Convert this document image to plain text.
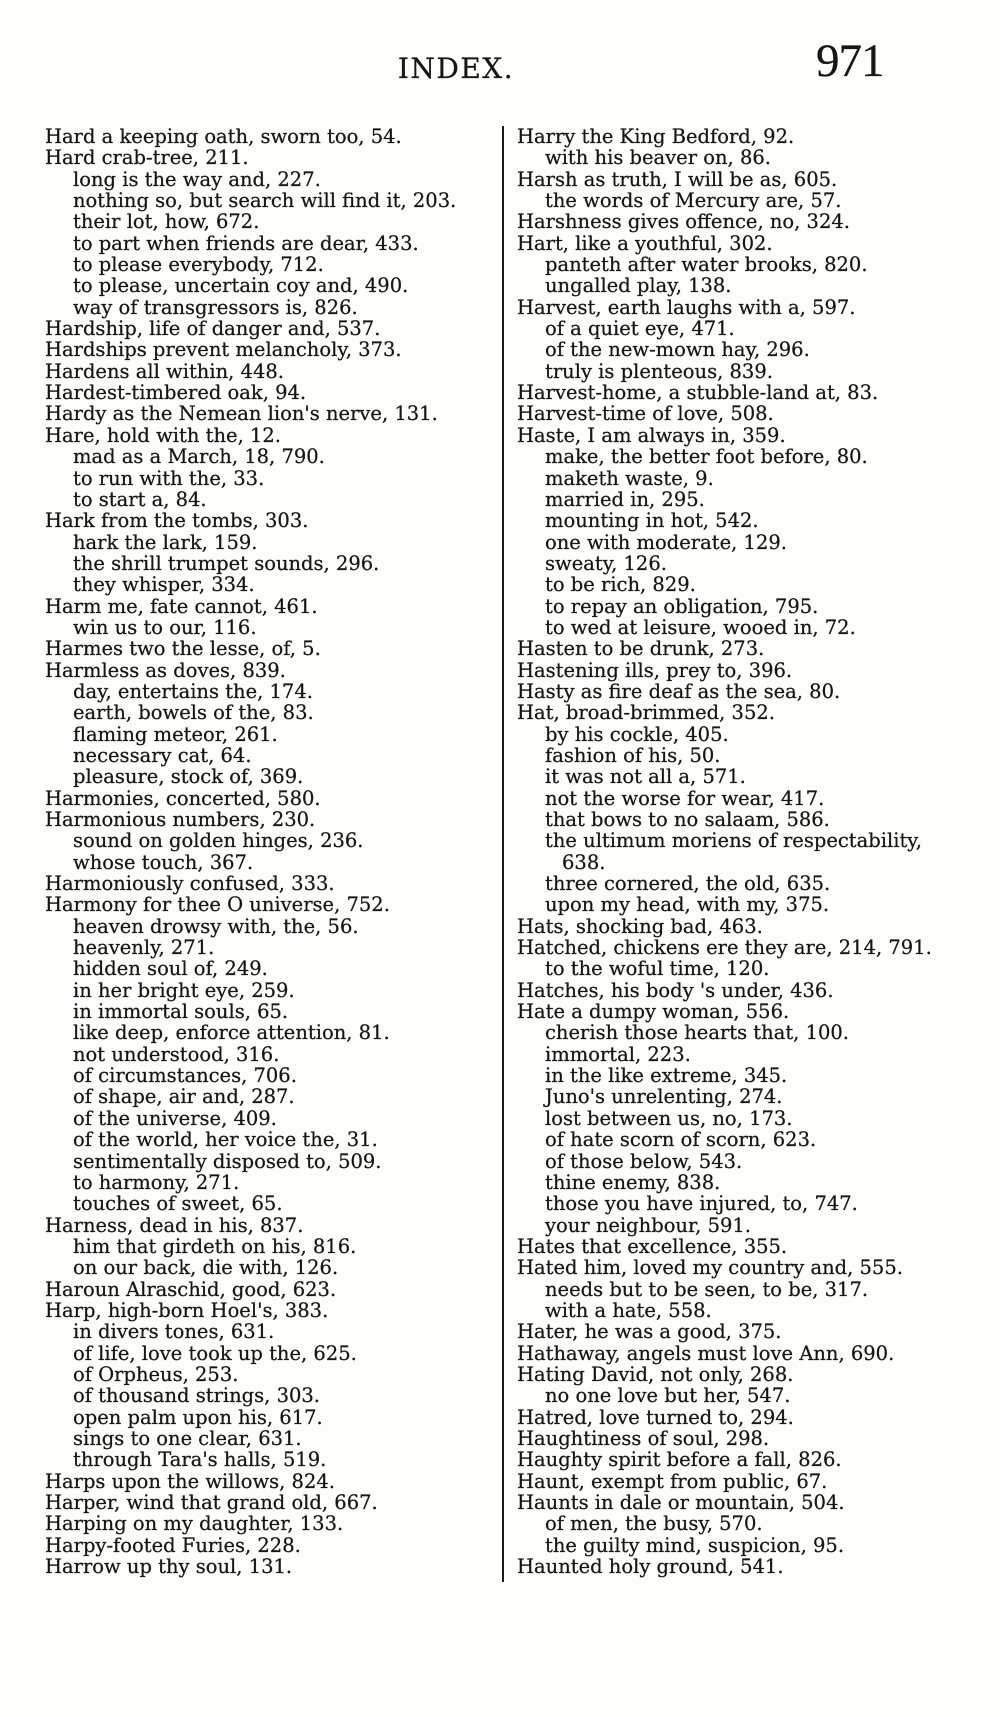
INDEX.	971
Hard a keeping oath, sworn too, 54.
Hard crab-tree, 211.
long is the way and, 227.
nothing so, but search will find it, 203.
their lot, how, 672.
to part when friends are dear, 433.
to please everybody, 712.
to please, uncertain coy and, 490.
way of transgressors is, 826.
Hardship, life of danger and, 537.
Hardships prevent melancholy, 373.
Hardens all within, 448.
Hardest-timbered oak, 94.
Hardy as the Nemean lion's nerve, 131.
Hare, hold with the, 12.
mad as a March, 18, 790.
to run with the, 33.
to start a, 84.
Hark from the tombs, 303.
hark the lark, 159.
the shrill trumpet sounds, 296.
they whisper, 334.
Harm me, fate cannot, 461.
win us to our, 116.
Harmes two the lesse, of, 5.
Harmless as doves, 839.
day, entertains the, 174.
earth, bowels of the, 83.
flaming meteor, 261.
necessary cat, 64.
pleasure, stock of, 369.
Harmonies, concerted, 580.
Harmonious numbers, 230.
sound on golden hinges, 236.
whose touch, 367.
Harmoniously confused, 333.
Harmony for thee O universe, 752.
heaven drowsy with, the, 56.
heavenly, 271.
hidden soul of, 249.
in her bright eye, 259.
in immortal souls, 65.
like deep, enforce attention, 81.
not understood, 316.
of circumstances, 706.
of shape, air and, 287.
of the universe, 409.
of the world, her voice the, 31.
sentimentally disposed to, 509.
to harmony, 271.
touches of sweet, 65.
Harness, dead in his, 837.
him that girdeth on his, 816.
on our back, die with, 126.
Haroun Alraschid, good, 623.
Harp, high-born Hoel's, 383.
in divers tones, 631.
of life, love took up the, 625.
of Orpheus, 253.
of thousand strings, 303.
open palm upon his, 617.
sings to one clear, 631.
through Tara's halls, 519.
Harps upon the willows, 824.
Harper, wind that grand old, 667.
Harping on my daughter, 133.
Harpy-footed Furies, 228.
Harrow up thy soul, 131.
Harry the King Bedford, 92.
with his beaver on, 86.
Harsh as truth, I will be as, 605.
the words of Mercury are, 57.
Harshness gives offence, no, 324.
Hart, like a youthful, 302.
panteth after water brooks, 820.
ungalled play, 138.
Harvest, earth laughs with a, 597.
of a quiet eye, 471.
of the new-mown hay, 296.
truly is plenteous, 839.
Harvest-home, a stubble-land at, 83.
Harvest-time of love, 508.
Haste, I am always in, 359.
make, the better foot before, 80.
maketh waste, 9.
married in, 295.
mounting in hot, 542.
one with moderate, 129.
sweaty, 126.
to be rich, 829.
to repay an obligation, 795.
to wed at leisure, wooed in, 72.
Hasten to be drunk, 273.
Hastening ills, prey to, 396.
Hasty as fire deaf as the sea, 80.
Hat, broad-brimmed, 352.
by his cockle, 405.
fashion of his, 50.
it was not all a, 571.
not the worse for wear, 417.
that bows to no salaam, 586.
the ultimum moriens of respectability,
638.
three cornered, the old, 635.
upon my head, with my, 375.
Hats, shocking bad, 463.
Hatched, chickens ere they are, 214, 791.
to the woful time, 120.
Hatches, his body 's under, 436.
Hate a dumpy woman, 556.
cherish those hearts that, 100.
immortal, 223.
in the like extreme, 345.
Juno's unrelenting, 274.
lost between us, no, 173.
of hate scorn of scorn, 623.
of those below, 543.
thine enemy, 838.
those you have injured, to, 747.
your neighbour, 591.
Hates that excellence, 355.
Hated him, loved my country and, 555.
needs but to be seen, to be, 317.
with a hate, 558.
Hater, he was a good, 375.
Hathaway, angels must love Ann, 690.
Hating David, not only, 268.
no one love but her, 547.
Hatred, love turned to, 294.
Haughtiness of soul, 298.
Haughty spirit before a fall, 826.
Haunt, exempt from public, 67.
Haunts in dale or mountain, 504.
of men, the busy, 570.
the guilty mind, suspicion, 95.
Haunted holy ground, 541.
